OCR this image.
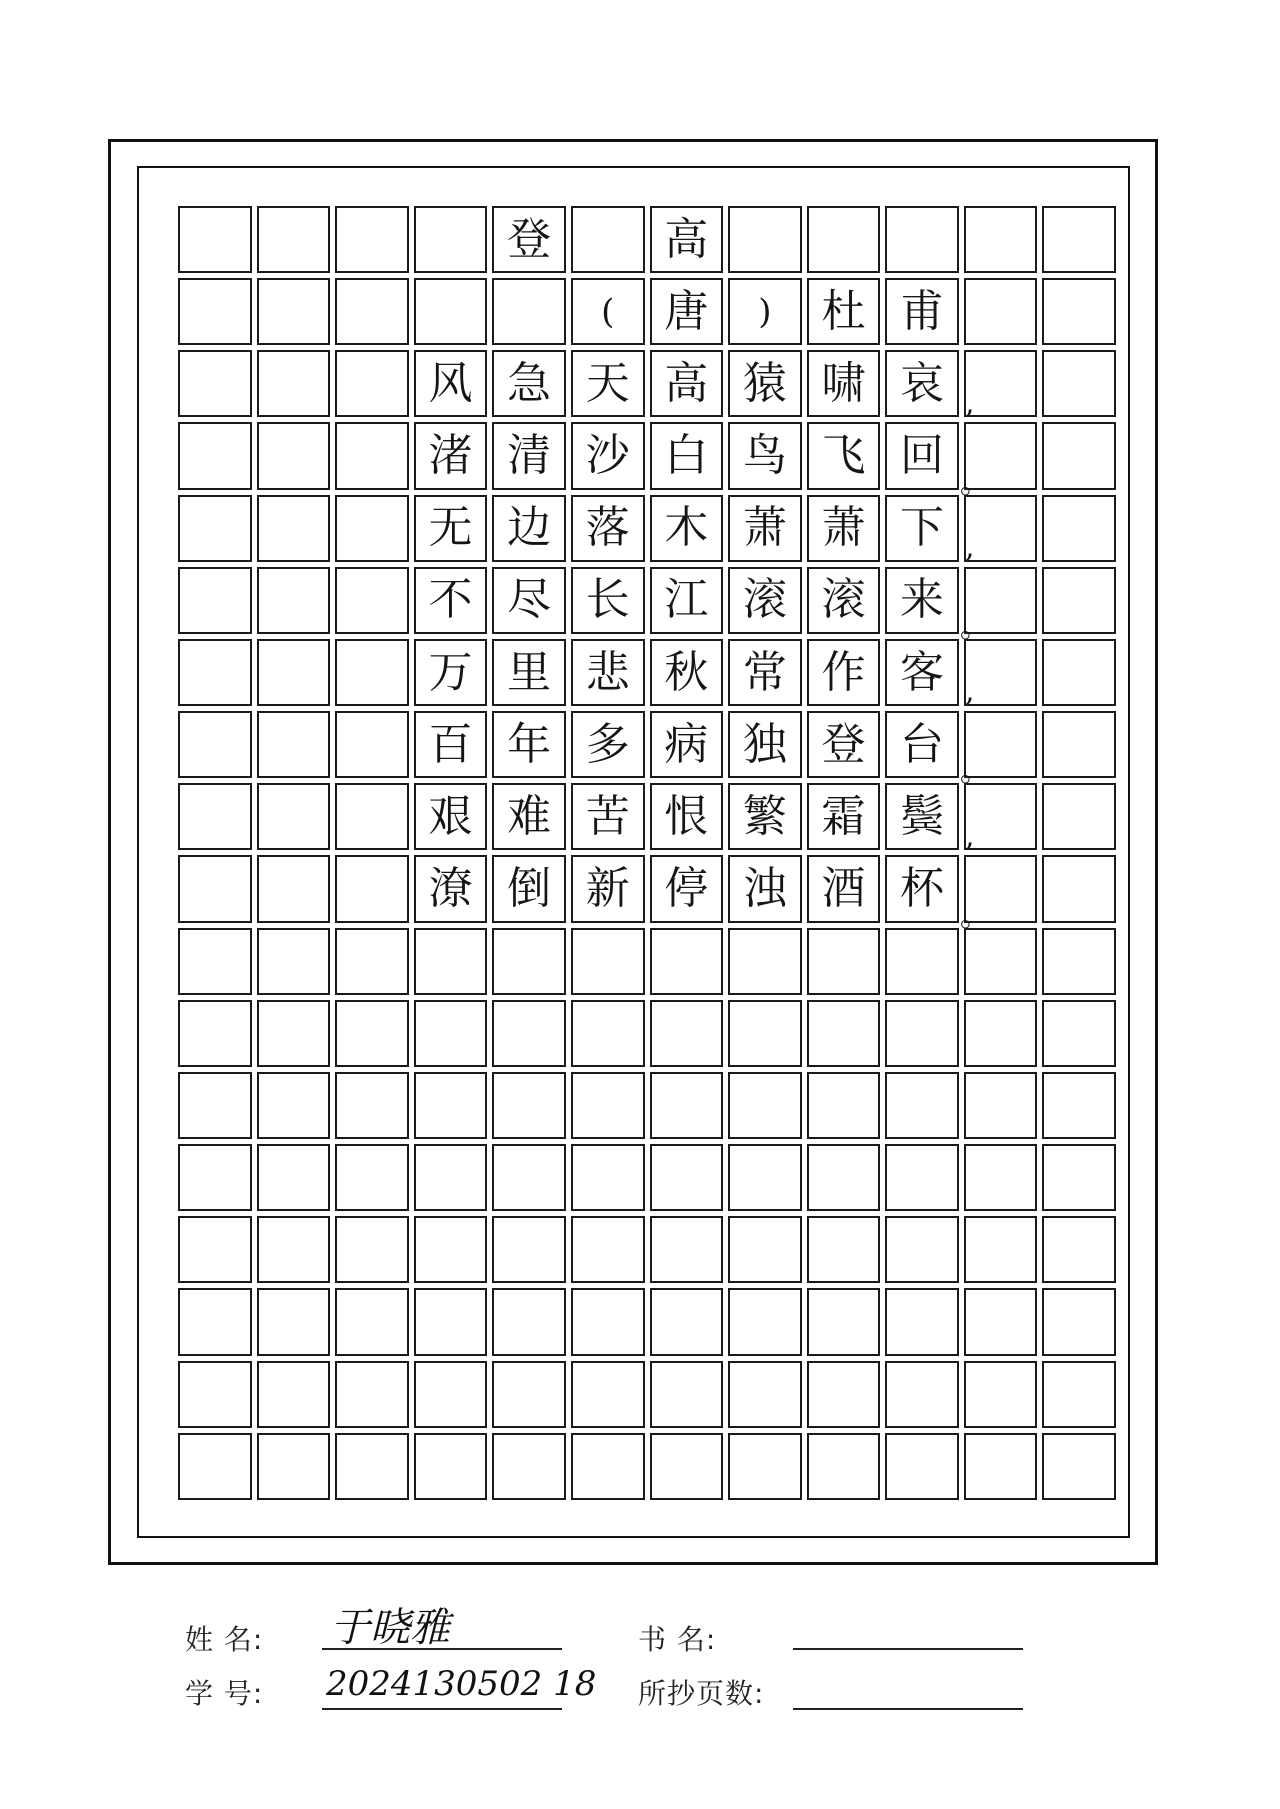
登	高
(	唐	)	杜 甫
风 急 天 高 猿 啸 哀
渚 清 沙 白 鸟 飞 回
无 边 落 木 萧 萧 下
不 尽 长 江 滚 滚 来
万 里 悲 秋 常 作 客
百 年 多 病 独 登 台
艰 难 苦 恨 繁 霜 鬓
潦 倒 新 停 浊 酒 杯
,
。
,
。
,
。
,
。
姓 名: 于晓雅	书 名:
学 号: 2024130502 18 所抄页数:
